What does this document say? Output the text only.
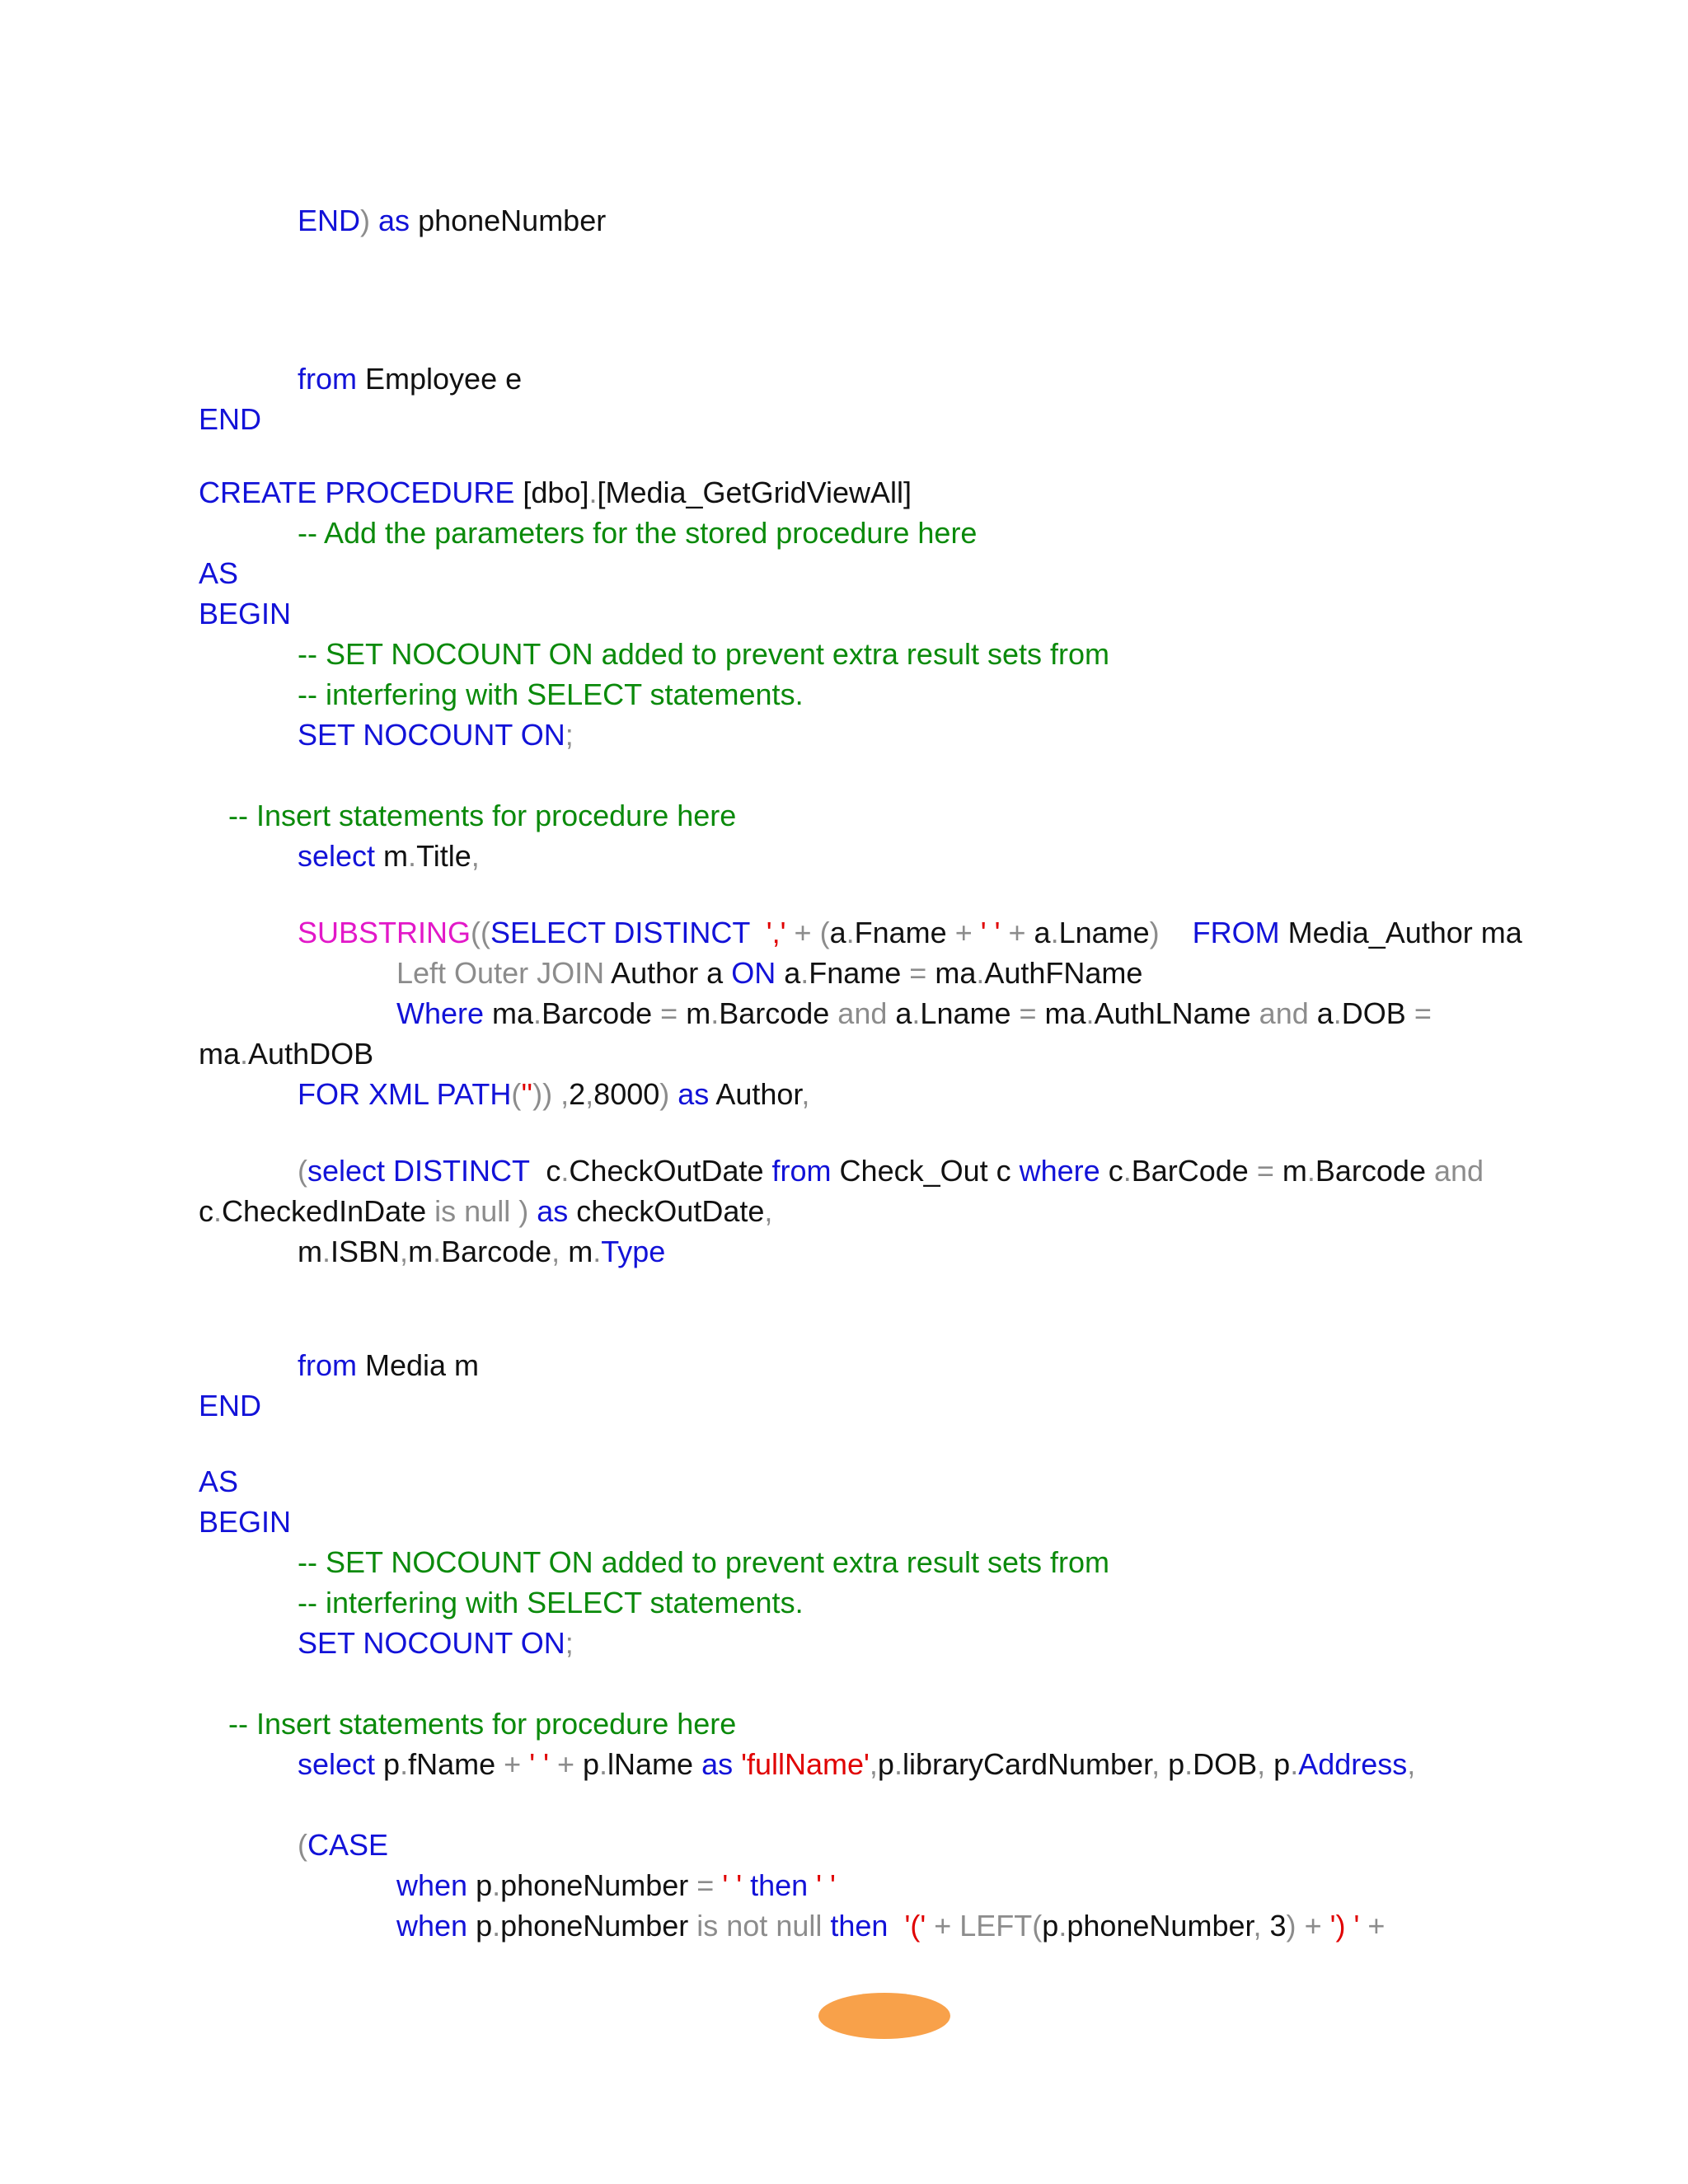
END) as phoneNumber
from Employee e
END
CREATE PROCEDURE [dbo].[Media_GetGridViewAll]
-- Add the parameters for the stored procedure here
AS
BEGIN
-- SET NOCOUNT ON added to prevent extra result sets from
-- interfering with SELECT statements.
SET NOCOUNT ON;
-- Insert statements for procedure here
select m.Title,
SUBSTRING((SELECT DISTINCT ',' + (a.Fname + ' ' + a.Lname) FROM Media_Author ma
Left Outer JOIN Author a ON a.Fname = ma.AuthFName
Where ma.Barcode = m.Barcode and a.Lname = ma.AuthLName and a.DOB =
ma.AuthDOB
FOR XML PATH('')) ,2,8000) as Author,
(select DISTINCT  c.CheckOutDate from Check_Out c where c.BarCode = m.Barcode and
c.CheckedInDate is null ) as checkOutDate,
m.ISBN,m.Barcode, m.Type
from Media m
END
AS
BEGIN
-- SET NOCOUNT ON added to prevent extra result sets from
-- interfering with SELECT statements.
SET NOCOUNT ON;
-- Insert statements for procedure here
select p.fName + ' ' + p.lName as 'fullName',p.libraryCardNumber, p.DOB, p.Address,
(CASE
when p.phoneNumber = ' ' then ' '
when p.phoneNumber is not null then '(' + LEFT(p.phoneNumber, 3) + ') ' +
